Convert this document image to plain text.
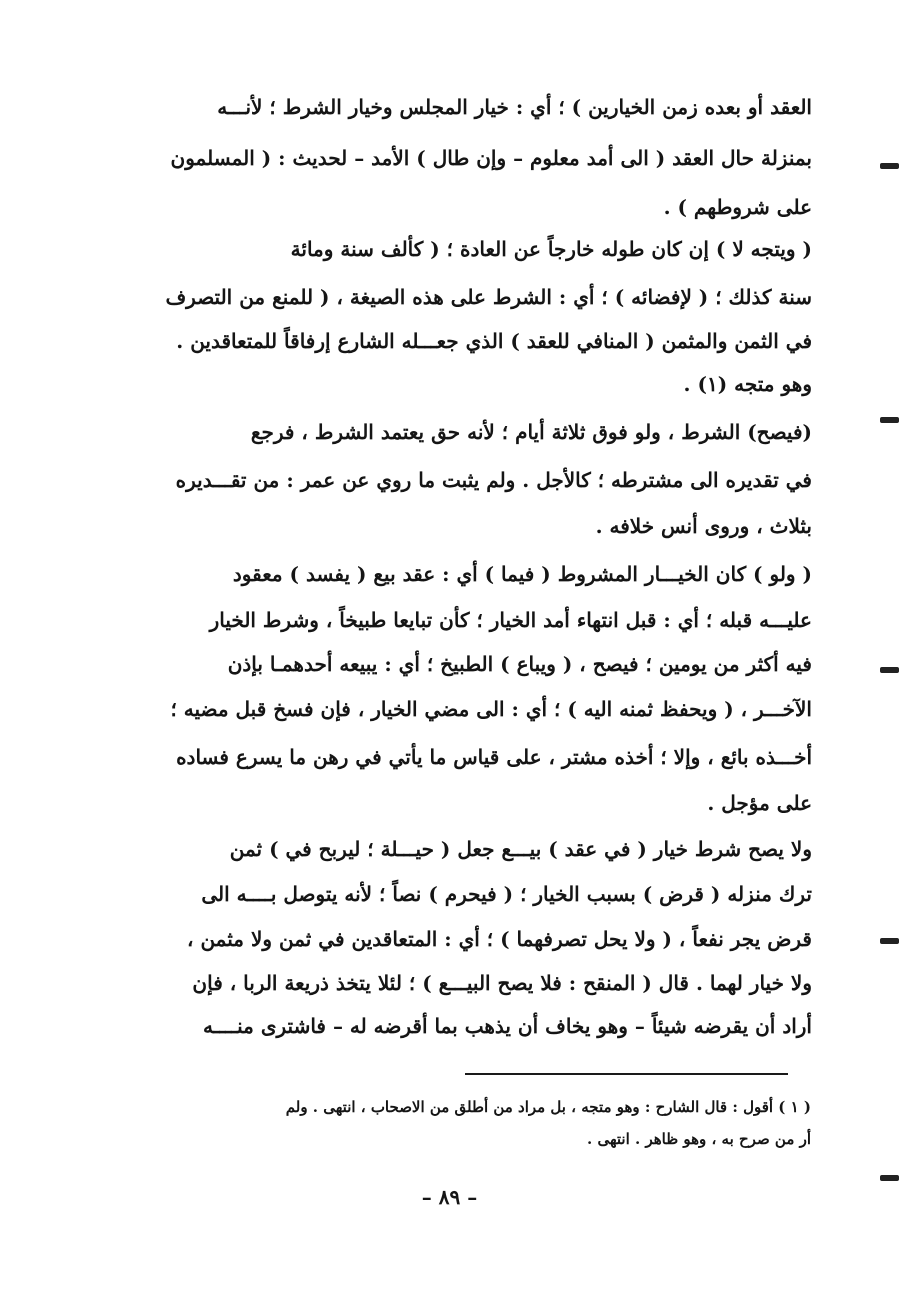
العقد أو بعده زمن الخيارين ) ؛ أي : خيار المجلس وخيار الشرط ؛ لأنـــه
بمنزلة حال العقد ( الى أمد معلوم – وإن طال ) الأمد – لحديث : ( المسلمون
على شروطهم ) .
( ويتجه لا ) إن كان طوله خارجاً عن العادة ؛ ( كألف سنة ومائة
سنة كذلك ؛ ( لإفضائه ) ؛ أي : الشرط على هذه الصيغة ، ( للمنع من التصرف
في الثمن والمثمن ( المنافي للعقد ) الذي جعـــله الشارع إرفاقاً للمتعاقدين .
وهو متجه (١) .
(فيصح) الشرط ، ولو فوق ثلاثة أيام ؛ لأنه حق يعتمد الشرط ، فرجع
في تقديره الى مشترطه ؛ كالأجل . ولم يثبت ما روي عن عمر : من تقـــديره
بثلاث ، وروى أنس خلافه .
( ولو ) كان الخيـــار المشروط ( فيما ) أي : عقد بيع ( يفسد ) معقود
عليـــه قبله ؛ أي : قبل انتهاء أمد الخيار ؛ كأن تبايعا طبيخاً ، وشرط الخيار
فيه أكثر من يومين ؛ فيصح ، ( ويباع ) الطبيخ ؛ أي : يبيعه أحدهمـا بإذن
الآخـــر ، ( ويحفظ ثمنه اليه ) ؛ أي : الى مضي الخيار ، فإن فسخ قبل مضيه ؛
أخـــذه بائع ، وإلا ؛ أخذه مشتر ، على قياس ما يأتي في رهن ما يسرع فساده
على مؤجل .
ولا يصح شرط خيار ( في عقد ) بيـــع جعل ( حيـــلة ؛ ليربح في ) ثمن
ترك منزله ( قرض ) بسبب الخيار ؛ ( فيحرم ) نصاً ؛ لأنه يتوصل بــــه الى
قرض يجر نفعاً ، ( ولا يحل تصرفهما ) ؛ أي : المتعاقدين في ثمن ولا مثمن ،
ولا خيار لهما . قال ( المنقح : فلا يصح البيـــع ) ؛ لئلا يتخذ ذريعة الربا ، فإن
أراد أن يقرضه شيئاً – وهو يخاف أن يذهب بما أقرضه له – فاشترى منــــه
( ١ ) أقول : قال الشارح : وهو متجه ، بل مراد من أطلق من الاصحاب ، انتهى . ولم
أر من صرح به ، وهو ظاهر . انتهى .
– ٨٩ –
